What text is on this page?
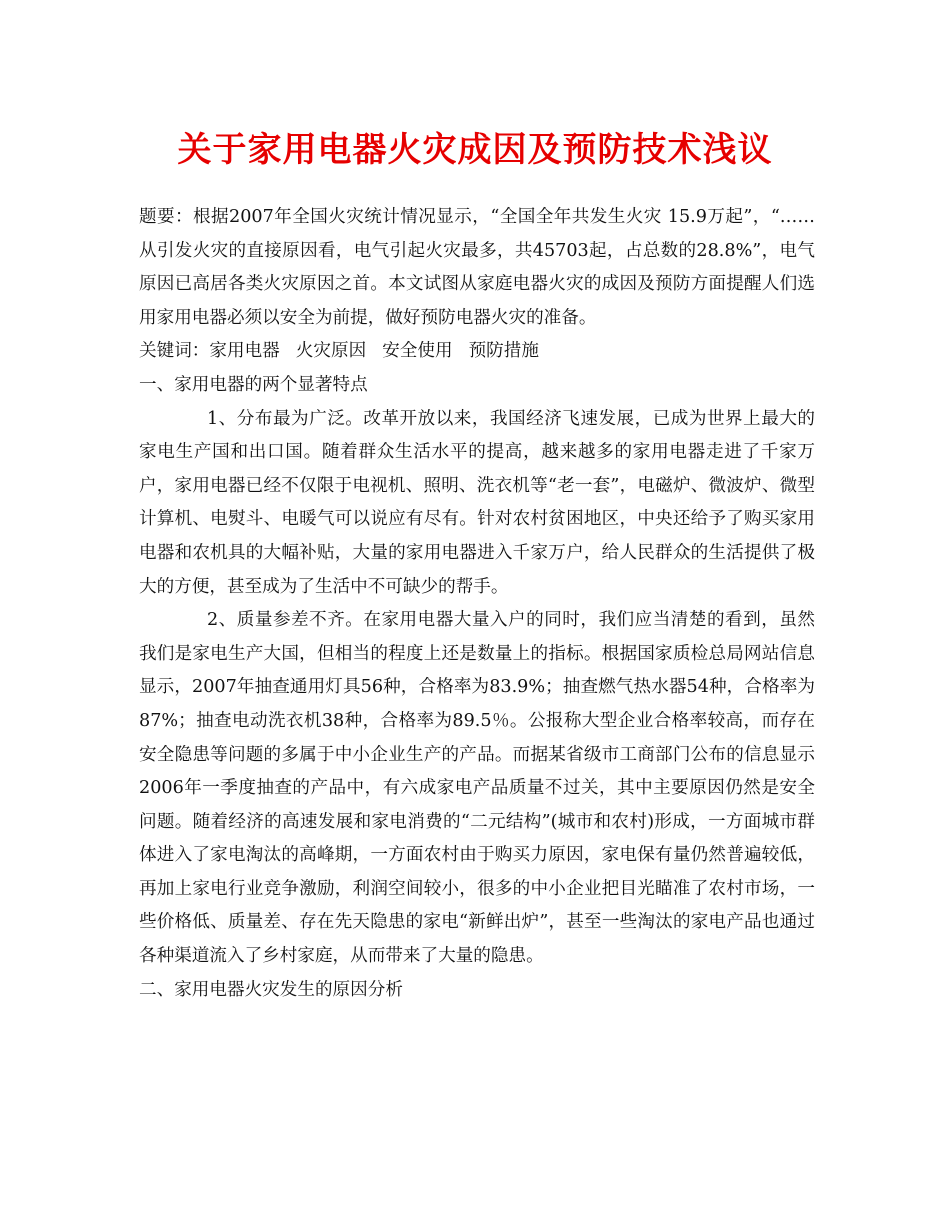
关于家用电器火灾成因及预防技术浅议

题要：根据2007年全国火灾统计情况显示，“全国全年共发生火灾 15.9万起”，“……从引发火灾的直接原因看，电气引起火灾最多，共45703起，占总数的28.8%”，电气原因已高居各类火灾原因之首。本文试图从家庭电器火灾的成因及预防方面提醒人们选用家用电器必须以安全为前提，做好预防电器火灾的准备。

关键词：家用电器 火灾原因 安全使用 预防措施

一、家用电器的两个显著特点

1、分布最为广泛。改革开放以来，我国经济飞速发展，已成为世界上最大的家电生产国和出口国。随着群众生活水平的提高，越来越多的家用电器走进了千家万户，家用电器已经不仅限于电视机、照明、洗衣机等“老一套”，电磁炉、微波炉、微型计算机、电熨斗、电暖气可以说应有尽有。针对农村贫困地区，中央还给予了购买家用电器和农机具的大幅补贴，大量的家用电器进入千家万户，给人民群众的生活提供了极大的方便，甚至成为了生活中不可缺少的帮手。

2、质量参差不齐。在家用电器大量入户的同时，我们应当清楚的看到，虽然我们是家电生产大国，但相当的程度上还是数量上的指标。根据国家质检总局网站信息显示，2007年抽查通用灯具56种，合格率为83.9%；抽查燃气热水器54种，合格率为87%；抽查电动洗衣机38种，合格率为89.5％。公报称大型企业合格率较高，而存在安全隐患等问题的多属于中小企业生产的产品。而据某省级市工商部门公布的信息显示2006年一季度抽查的产品中，有六成家电产品质量不过关，其中主要原因仍然是安全问题。随着经济的高速发展和家电消费的“二元结构”(城市和农村)形成，一方面城市群体进入了家电淘汰的高峰期，一方面农村由于购买力原因，家电保有量仍然普遍较低，再加上家电行业竞争激励，利润空间较小，很多的中小企业把目光瞄准了农村市场，一些价格低、质量差、存在先天隐患的家电“新鲜出炉”，甚至一些淘汰的家电产品也通过各种渠道流入了乡村家庭，从而带来了大量的隐患。

二、家用电器火灾发生的原因分析
